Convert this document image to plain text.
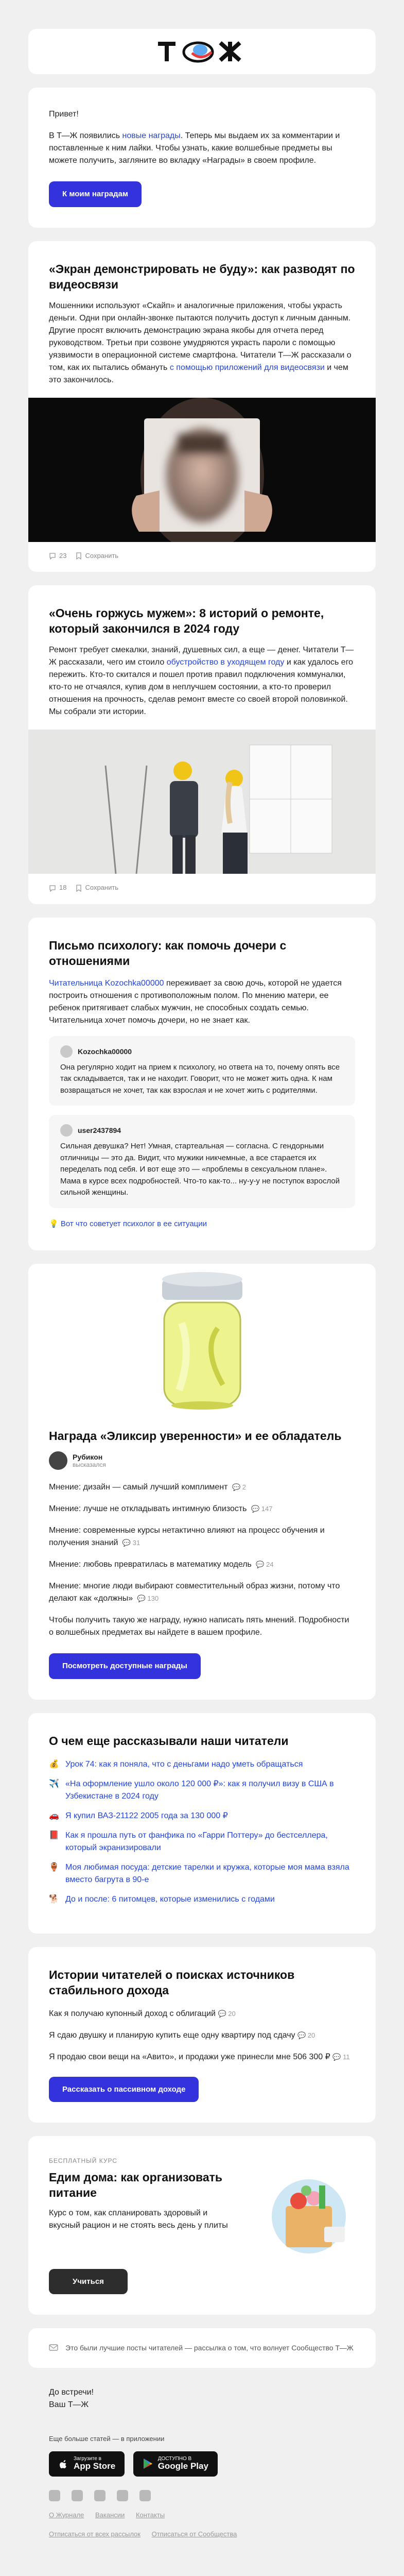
Привет!

В Т—Ж появились новые награды. Теперь мы выдаем их за комментарии и поставленные к ним лайки. Чтобы узнать, какие волшебные предметы вы можете получить, загляните во вкладку «Награды» в своем профиле.

К моим наградам
«Экран демонстрировать не буду»: как разводят по видеосвязи

Мошенники используют «Скайп» и аналогичные приложения, чтобы украсть деньги. Одни при онлайн-звонке пытаются получить доступ к личным данным. Другие просят включить демонстрацию экрана якобы для отчета перед руководством. Третьи при созвоне умудряются украсть пароли с помощью уязвимости в операционной системе смартфона. Читатели Т—Ж рассказали о том, как их пытались обмануть с помощью приложений для видеосвязи и чем это закончилось.

23	Сохранить
«Очень горжусь мужем»: 8 историй о ремонте, который закончился в 2024 году

Ремонт требует смекалки, знаний, душевных сил, а еще — денег. Читатели Т—Ж рассказали, чего им стоило обустройство в уходящем году и как удалось его пережить. Кто-то скитался и пошел против правил подключения коммуналки, кто-то не отчаялся, купив дом в неплучшем состоянии, а кто-то проверил отношения на прочность, сделав ремонт вместе со своей второй половинкой. Мы собрали эти истории.

18	Сохранить
Письмо психологу: как помочь дочери с отношениями

Читательница Kozochka00000 переживает за свою дочь, которой не удается построить отношения с противоположным полом. По мнению матери, ее ребенок притягивает слабых мужчин, не способных создать семью. Читательница хочет помочь дочери, но не знает как.

Kozochka00000

Она регулярно ходит на прием к психологу, но ответа на то, почему опять все так складывается, так и не находит. Говорит, что не может жить одна. К нам возвращаться не хочет, так как взрослая и не хочет жить с родителями.

user2437894

Сильная девушка? Нет! Умная, стартеальная — согласна. С гендорными отличницы — это да. Видит, что мужики никчемные, а все старается их переделать под себя. И вот еще это — «проблемы в сексуальном плане». Мама в курсе всех подробностей. Что-то как-то... ну-у-у не поступок взрослой сильной женщины.

💡 Вот что советует психолог в ее ситуации

Награда «Эликсир уверенности» и ее обладатель
Рубикон
высказался
Мнение: дизайн — самый лучший комплимент 💬 2
Мнение: лучше не откладывать интимную близость 💬 147
Мнение: современные курсы нетактично влияют на процесс обучения и получения знаний 💬 31
Мнение: любовь превратилась в математику модель 💬 24
Мнение: многие люди выбирают совместительный образ жизни, потому что делают как «должны» 💬 130

Чтобы получить такую же награду, нужно написать пять мнений. Подробности о волшебных предметах вы найдете в вашем профиле.

Посмотреть доступные награды
О чем еще рассказывали наши читатели
💰 Урок 74: как я поняла, что с деньгами надо уметь обращаться
✈️ «На оформление ушло около 120 000 ₽»: как я получил визу в США в Узбекистане в 2024 году
🚗 Я купил ВАЗ-21122 2005 года за 130 000 ₽
📕 Как я прошла путь от фанфика по «Гарри Поттеру» до бестселлера, который экранизировали
🏺 Моя любимая посуда: детские тарелки и кружка, которые моя мама взяла вместо багрута в 90-е
🐕 До и после: 6 питомцев, которые изменились с годами
Истории читателей о поисках источников стабильного дохода
Как я получаю купонный доход с облигаций 💬 20
Я сдаю двушку и планирую купить еще одну квартиру под сдачу 💬 20
Я продаю свои вещи на «Авито», и продажи уже принесли мне 506 300 ₽ 💬 11
Рассказать о пассивном доходе
БЕСПЛАТНЫЙ КУРС
Едим дома: как организовать питание

Курс о том, как спланировать здоровый и вкусный рацион и не стоять весь день у плиты

Учиться

Это были лучшие посты читателей — рассылка о том, что волнует Сообщество Т—Ж

До встречи!

Ваш Т—Ж

Еще больше статей — в приложении

Загрузите в
App Store

ДОСТУПНО В
Google Play
О Журнале Вакансии Контакты
Отписаться от всех рассылок Отписаться от Сообщества
